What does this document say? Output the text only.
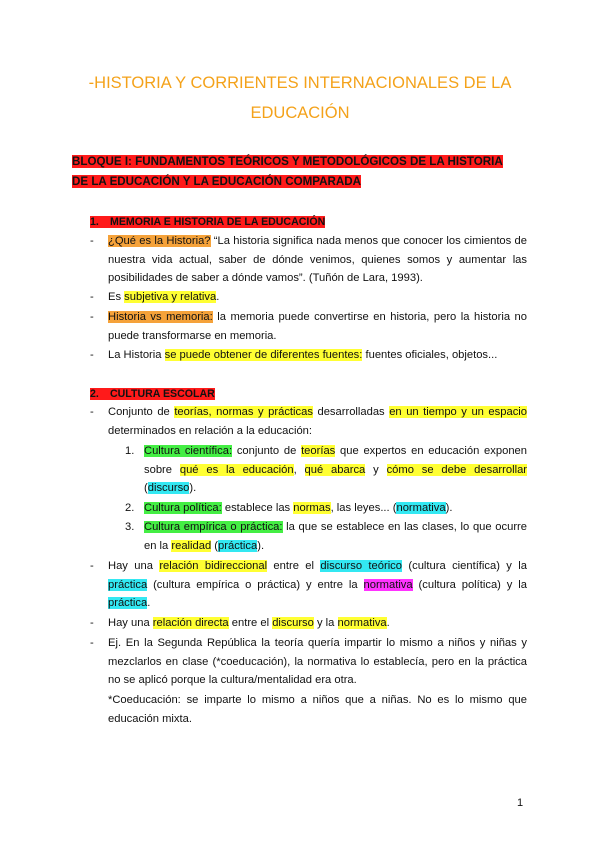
-HISTORIA Y CORRIENTES INTERNACIONALES DE LA
EDUCACIÓN
BLOQUE I: FUNDAMENTOS TEÓRICOS Y METODOLÓGICOS DE LA HISTORIA
DE LA EDUCACIÓN Y LA EDUCACIÓN COMPARADA
1. MEMORIA E HISTORIA DE LA EDUCACIÓN
- ¿Qué es la Historia? “La historia significa nada menos que conocer los cimientos de nuestra vida actual, saber de dónde venimos, quienes somos y aumentar las posibilidades de saber a dónde vamos”. (Tuñón de Lara, 1993).
- Es subjetiva y relativa.
- Historia vs memoria: la memoria puede convertirse en historia, pero la historia no puede transformarse en memoria.
- La Historia se puede obtener de diferentes fuentes: fuentes oficiales, objetos...
2. CULTURA ESCOLAR
- Conjunto de teorías, normas y prácticas desarrolladas en un tiempo y un espacio determinados en relación a la educación:
1. Cultura científica: conjunto de teorías que expertos en educación exponen sobre qué es la educación, qué abarca y cómo se debe desarrollar (discurso).
2. Cultura política: establece las normas, las leyes... (normativa).
3. Cultura empírica o práctica: la que se establece en las clases, lo que ocurre en la realidad (práctica).
- Hay una relación bidireccional entre el discurso teórico (cultura científica) y la práctica (cultura empírica o práctica) y entre la normativa (cultura política) y la práctica.
- Hay una relación directa entre el discurso y la normativa.
- Ej. En la Segunda República la teoría quería impartir lo mismo a niños y niñas y mezclarlos en clase (*coeducación), la normativa lo establecía, pero en la práctica no se aplicó porque la cultura/mentalidad era otra.
*Coeducación: se imparte lo mismo a niños que a niñas. No es lo mismo que educación mixta.
1
